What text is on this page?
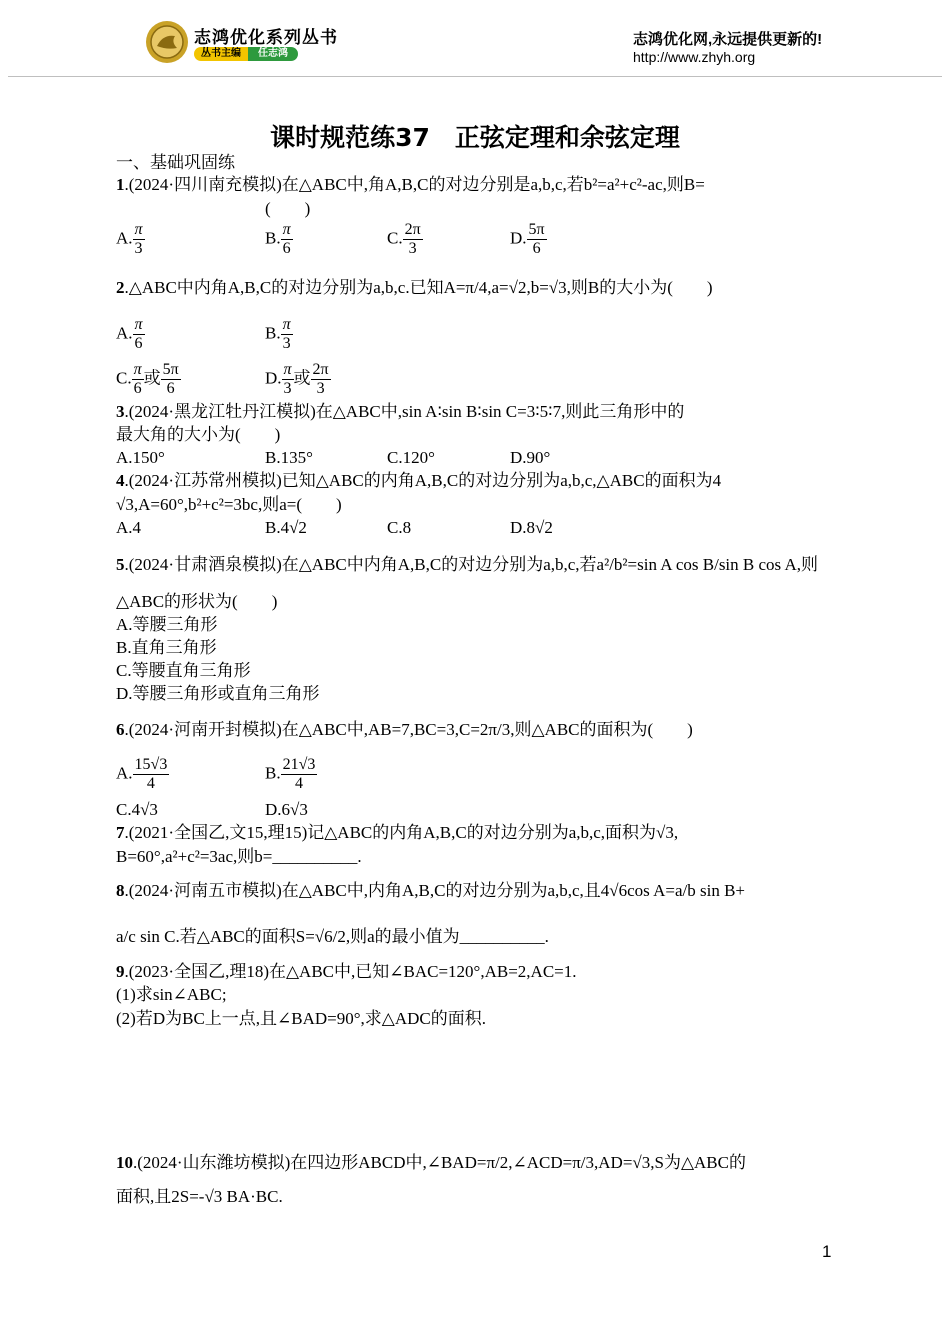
志鸿优化系列丛书
丛书主编 任志鸿
志鸿优化网,永远提供更新的!
http://www.zhyh.org
课时规范练37　正弦定理和余弦定理
一、基础巩固练
1.(2024·四川南充模拟)在△ABC中,角A,B,C的对边分别是a,b,c,若b²=a²+c²-ac,则B=
(　　)
A. $\frac{\pi}{3}$	B. $\frac{\pi}{6}$	C. $\frac{2\pi}{3}$	D. $\frac{5\pi}{6}$
2.△ABC中内角A,B,C的对边分别为a,b,c.已知A=π/4,a=√2,b=√3,则B的大小为(　　)
A. $\frac{\pi}{6}$	B. $\frac{\pi}{3}$
C. $\frac{\pi}{6}$ 或 $\frac{5\pi}{6}$	D. $\frac{\pi}{3}$ 或 $\frac{2\pi}{3}$
3.(2024·黑龙江牡丹江模拟)在△ABC中,sin A∶sin B∶sin C=3∶5∶7,则此三角形中的
最大角的大小为(　　)
A.150°	B.135°	C.120°	D.90°
4.(2024·江苏常州模拟)已知△ABC的内角A,B,C的对边分别为a,b,c,△ABC的面积为4
√3,A=60°,b²+c²=3bc,则a=(　　)
A.4	B.4√2	C.8	D.8√2
5.(2024·甘肃酒泉模拟)在△ABC中内角A,B,C的对边分别为a,b,c,若a²/b²=sin A cos B/sin B cos A,则
△ABC的形状为(　　)
A.等腰三角形
B.直角三角形
C.等腰直角三角形
D.等腰三角形或直角三角形
6.(2024·河南开封模拟)在△ABC中,AB=7,BC=3,C=2π/3,则△ABC的面积为(　　)
A. $\frac{15√3}{4}$	B. $\frac{21√3}{4}$
C.4√3	D.6√3
7.(2021·全国乙,文15,理15)记△ABC的内角A,B,C的对边分别为a,b,c,面积为√3,
B=60°,a²+c²=3ac,则b=__________.
8.(2024·河南五市模拟)在△ABC中,内角A,B,C的对边分别为a,b,c,且4√6cos A=a/b sin B+
a/c sin C.若△ABC的面积S=√6/2,则a的最小值为__________.
9.(2023·全国乙,理18)在△ABC中,已知∠BAC=120°,AB=2,AC=1.
(1)求sin∠ABC;
(2)若D为BC上一点,且∠BAD=90°,求△ADC的面积.
10.(2024·山东潍坊模拟)在四边形ABCD中,∠BAD=π/2,∠ACD=π/3,AD=√3,S为△ABC的
面积,且2S=-√3 BA·BC.
1
